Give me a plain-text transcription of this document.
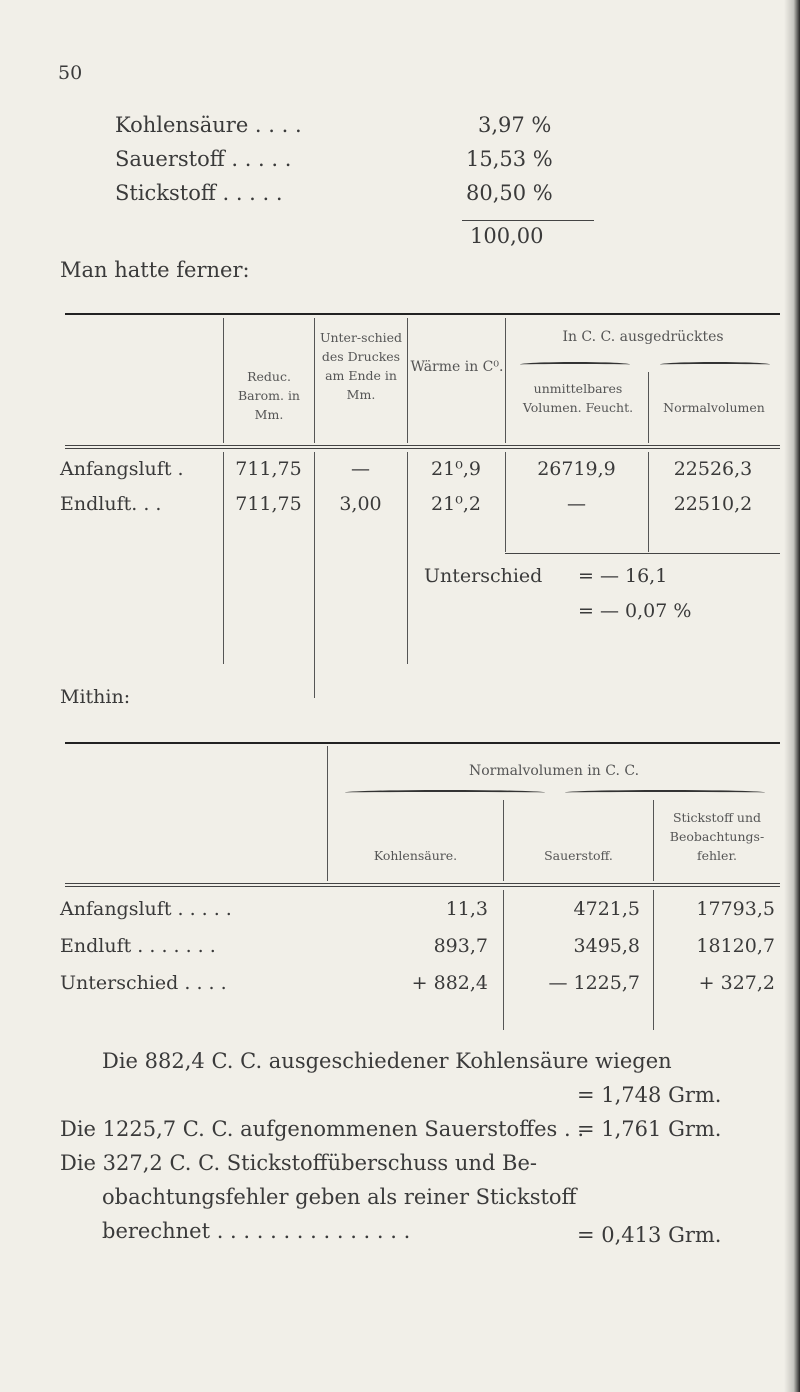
50
Kohlensäure . . . .	3,97 %
Sauerstoff . . . . .	15,53 %
Stickstoff . . . . .	80,50 %
100,00
Man hatte ferner:
Reduc. Barom. in Mm.
Unter-schied des Druckes am Ende in Mm.
Wärme in C⁰.
In C. C. ausgedrücktes
unmittelbares Volumen. Feucht.	Normalvolumen
Anfangsluft .	711,75	—	21⁰,9	26719,9	22526,3
Endluft. . .	711,75	3,00	21⁰,2	—	22510,2
Unterschied = — 16,1
= — 0,07 %
Mithin:
Normalvolumen in C. C.
Kohlensäure.	Sauerstoff.
Stickstoff und Beobachtungs-fehler.
Anfangsluft . . . . .	11,3	4721,5	17793,5
Endluft . . . . . . .	893,7	3495,8	18120,7
Unterschied . . . .	+ 882,4	— 1225,7	+ 327,2
Die 882,4 C. C. ausgeschiedener Kohlensäure wiegen
= 1,748 Grm.
Die 1225,7 C. C. aufgenommenen Sauerstoffes . .
= 1,761 Grm.
Die 327,2 C. C. Stickstoffüberschuss und Be-
obachtungsfehler geben als reiner Stickstoff
berechnet . . . . . . . . . . . . . . .	= 0,413 Grm.
